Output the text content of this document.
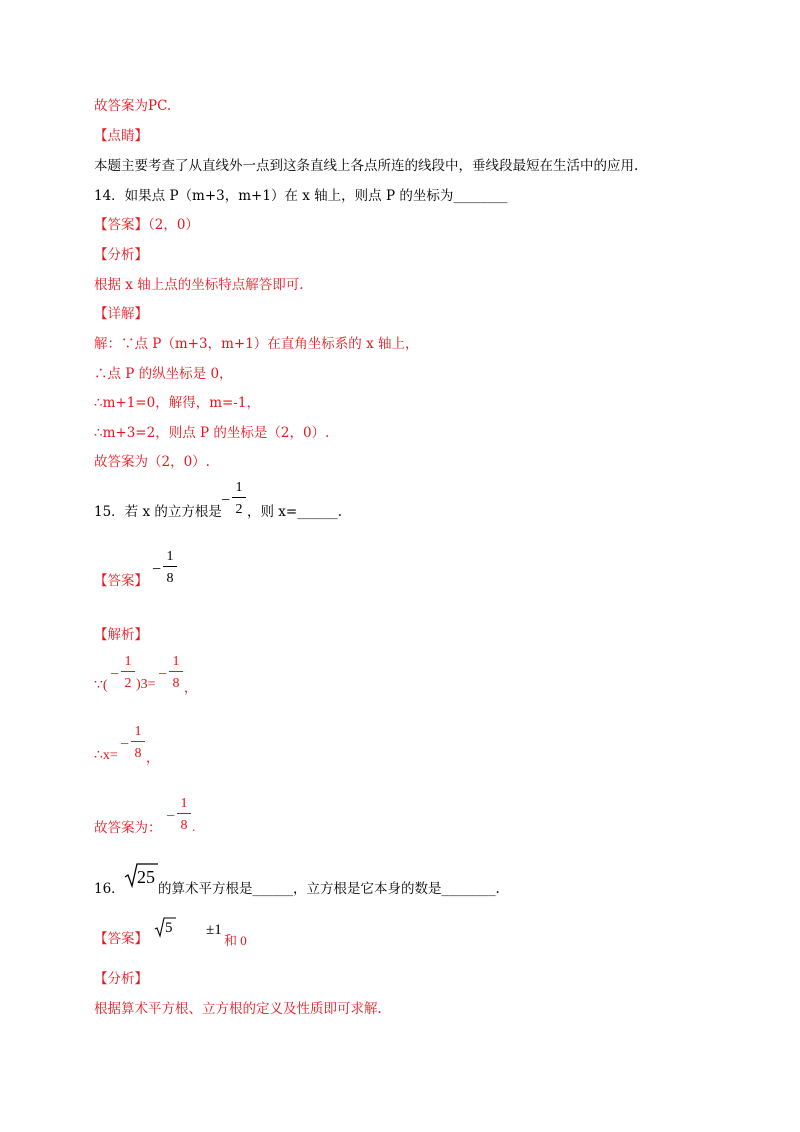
故答案为PC.
【点睛】
本题主要考查了从直线外一点到这条直线上各点所连的线段中，垂线段最短在生活中的应用.
14．如果点 P（m+3，m+1）在 x 轴上，则点 P 的坐标为________
【答案】（2，0）
【分析】
根据 x 轴上点的坐标特点解答即可.
【详解】
解：∵点 P（m+3，m+1）在直角坐标系的 x 轴上，
∴点 P 的纵坐标是 0，
∴m+1=0，解得，m=-1，
∴m+3=2，则点 P 的坐标是（2，0）.
故答案为（2，0）.
15．若 x 的立方根是
−
1
2 ，则 x=______.
【答案】
−
1
8
【解析】
∵(
−
1
2 )3=
−
1
8 ，
∴x=
−
1
8 ，
故答案为：
−
1
8 .
16．
25
的算术平方根是______，立方根是它本身的数是________.
【答案】
5 ±1
和 0
【分析】
根据算术平方根、立方根的定义及性质即可求解.
